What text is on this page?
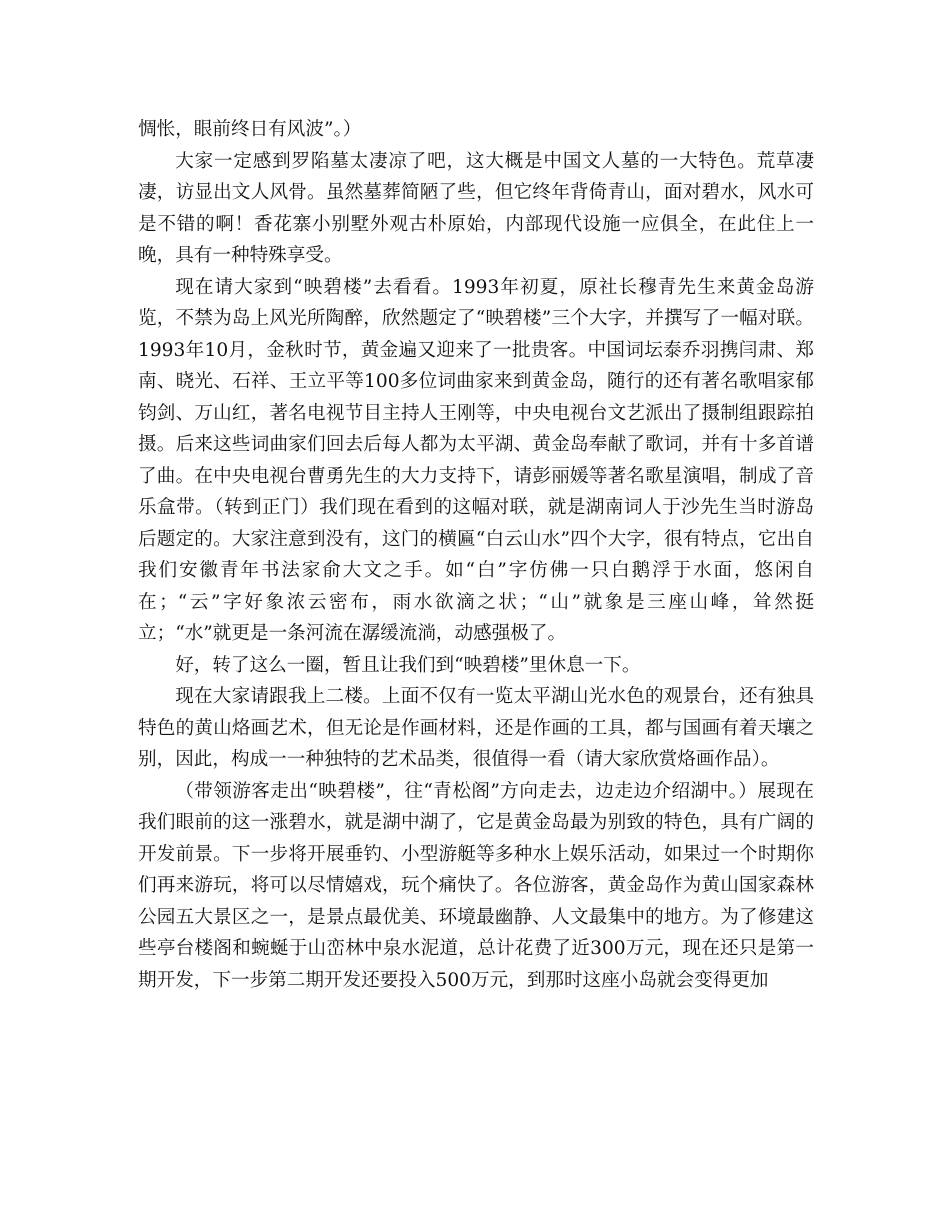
惆怅，眼前终日有风波”。）

大家一定感到罗陷墓太凄凉了吧，这大概是中国文人墓的一大特色。荒草凄凄，访显出文人风骨。虽然墓葬简陋了些，但它终年背倚青山，面对碧水，风水可是不错的啊！香花寨小别墅外观古朴原始，内部现代设施一应俱全，在此住上一晚，具有一种特殊享受。

现在请大家到“映碧楼”去看看。1993年初夏，原社长穆青先生来黄金岛游览，不禁为岛上风光所陶醉，欣然题定了“映碧楼”三个大字，并撰写了一幅对联。1993年10月，金秋时节，黄金遍又迎来了一批贵客。中国词坛泰乔羽携闫肃、郑南、晓光、石祥、王立平等100多位词曲家来到黄金岛，随行的还有著名歌唱家郁钧剑、万山红，著名电视节目主持人王刚等，中央电视台文艺派出了摄制组跟踪拍摄。后来这些词曲家们回去后每人都为太平湖、黄金岛奉献了歌词，并有十多首谱了曲。在中央电视台曹勇先生的大力支持下，请彭丽媛等著名歌星演唱，制成了音乐盒带。（转到正门）我们现在看到的这幅对联，就是湖南词人于沙先生当时游岛后题定的。大家注意到没有，这门的横匾“白云山水”四个大字，很有特点，它出自我们安徽青年书法家俞大文之手。如“白”字仿佛一只白鹅浮于水面，悠闲自在；“云”字好象浓云密布，雨水欲滴之状；“山”就象是三座山峰，耸然挺立；“水”就更是一条河流在潺缓流淌，动感强极了。

好，转了这么一圈，暂且让我们到“映碧楼”里休息一下。

现在大家请跟我上二楼。上面不仅有一览太平湖山光水色的观景台，还有独具特色的黄山烙画艺术，但无论是作画材料，还是作画的工具，都与国画有着天壤之别，因此，构成一一种独特的艺术品类，很值得一看（请大家欣赏烙画作品）。

（带领游客走出“映碧楼”，往“青松阁”方向走去，边走边介绍湖中。）展现在我们眼前的这一涨碧水，就是湖中湖了，它是黄金岛最为别致的特色，具有广阔的开发前景。下一步将开展垂钓、小型游艇等多种水上娱乐活动，如果过一个时期你们再来游玩，将可以尽情嬉戏，玩个痛快了。各位游客，黄金岛作为黄山国家森林公园五大景区之一，是景点最优美、环境最幽静、人文最集中的地方。为了修建这些亭台楼阁和蜿蜒于山峦林中泉水泥道，总计花费了近300万元，现在还只是第一期开发，下一步第二期开发还要投入500万元，到那时这座小岛就会变得更加
